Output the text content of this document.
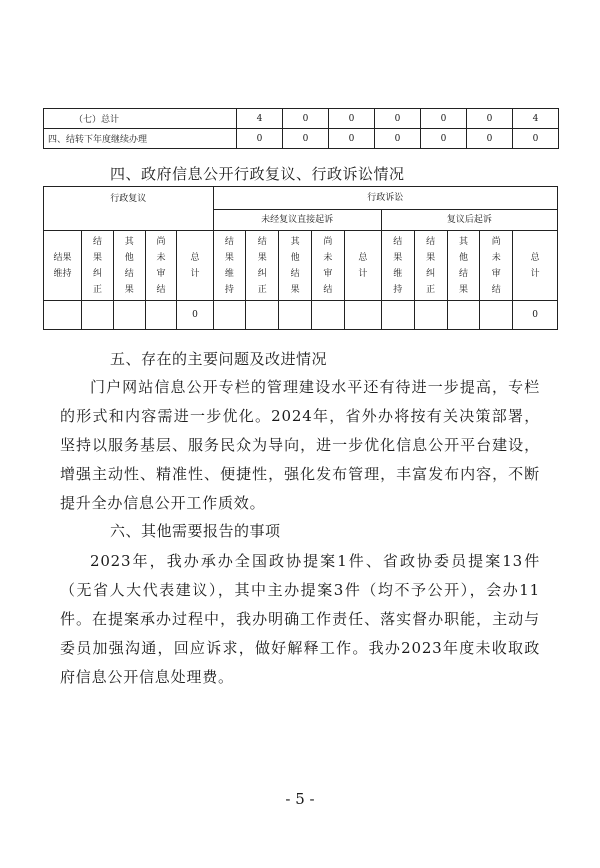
（七）总计	4	0	0	0	0	0	4
四、结转下年度继续办理	0	0	0	0	0	0	0
四、政府信息公开行政复议、行政诉讼情况
行政复议					行政诉讼									
					未经复议直接起诉					复议后起诉				
结果维持	结果纠正	其他结果	尚未审结	总计	结果维持	结果纠正	其他结果	尚未审结	总计	结果维持	结果纠正	其他结果	尚未审结	总计
				0										0
五、存在的主要问题及改进情况
门户网站信息公开专栏的管理建设水平还有待进一步提高，专栏的形式和内容需进一步优化。2024年，省外办将按有关决策部署，坚持以服务基层、服务民众为导向，进一步优化信息公开平台建设，增强主动性、精准性、便捷性，强化发布管理，丰富发布内容，不断提升全办信息公开工作质效。
六、其他需要报告的事项
2023年，我办承办全国政协提案1件、省政协委员提案13件（无省人大代表建议），其中主办提案3件（均不予公开），会办11件。在提案承办过程中，我办明确工作责任、落实督办职能，主动与委员加强沟通，回应诉求，做好解释工作。我办2023年度未收取政府信息公开信息处理费。
- 5 -
